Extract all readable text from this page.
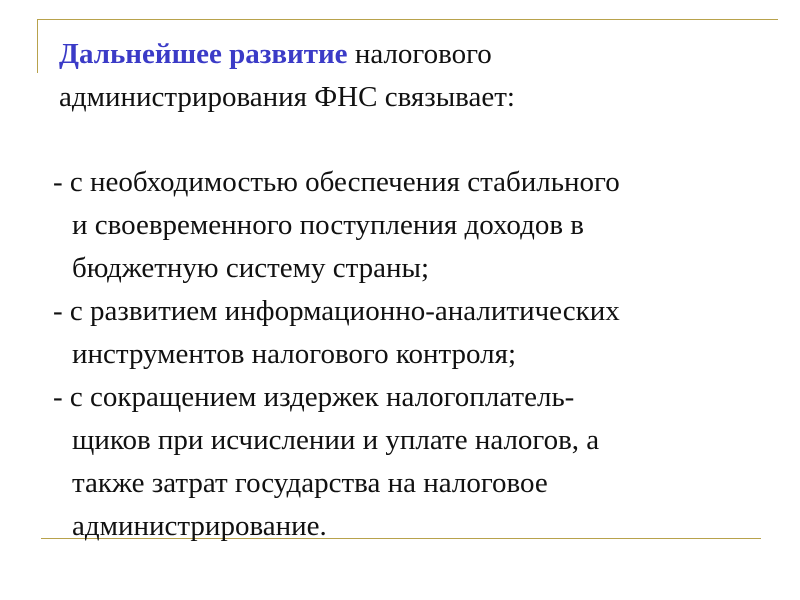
Дальнейшее развитие налогового
администрирования ФНС связывает:

- с необходимостью обеспечения стабильного
и своевременного поступления доходов в
бюджетную систему страны;
- с развитием информационно-аналитических
инструментов налогового контроля;
- с сокращением издержек налогоплатель-
щиков при исчислении и уплате налогов, а
также затрат государства на налоговое
администрирование.
